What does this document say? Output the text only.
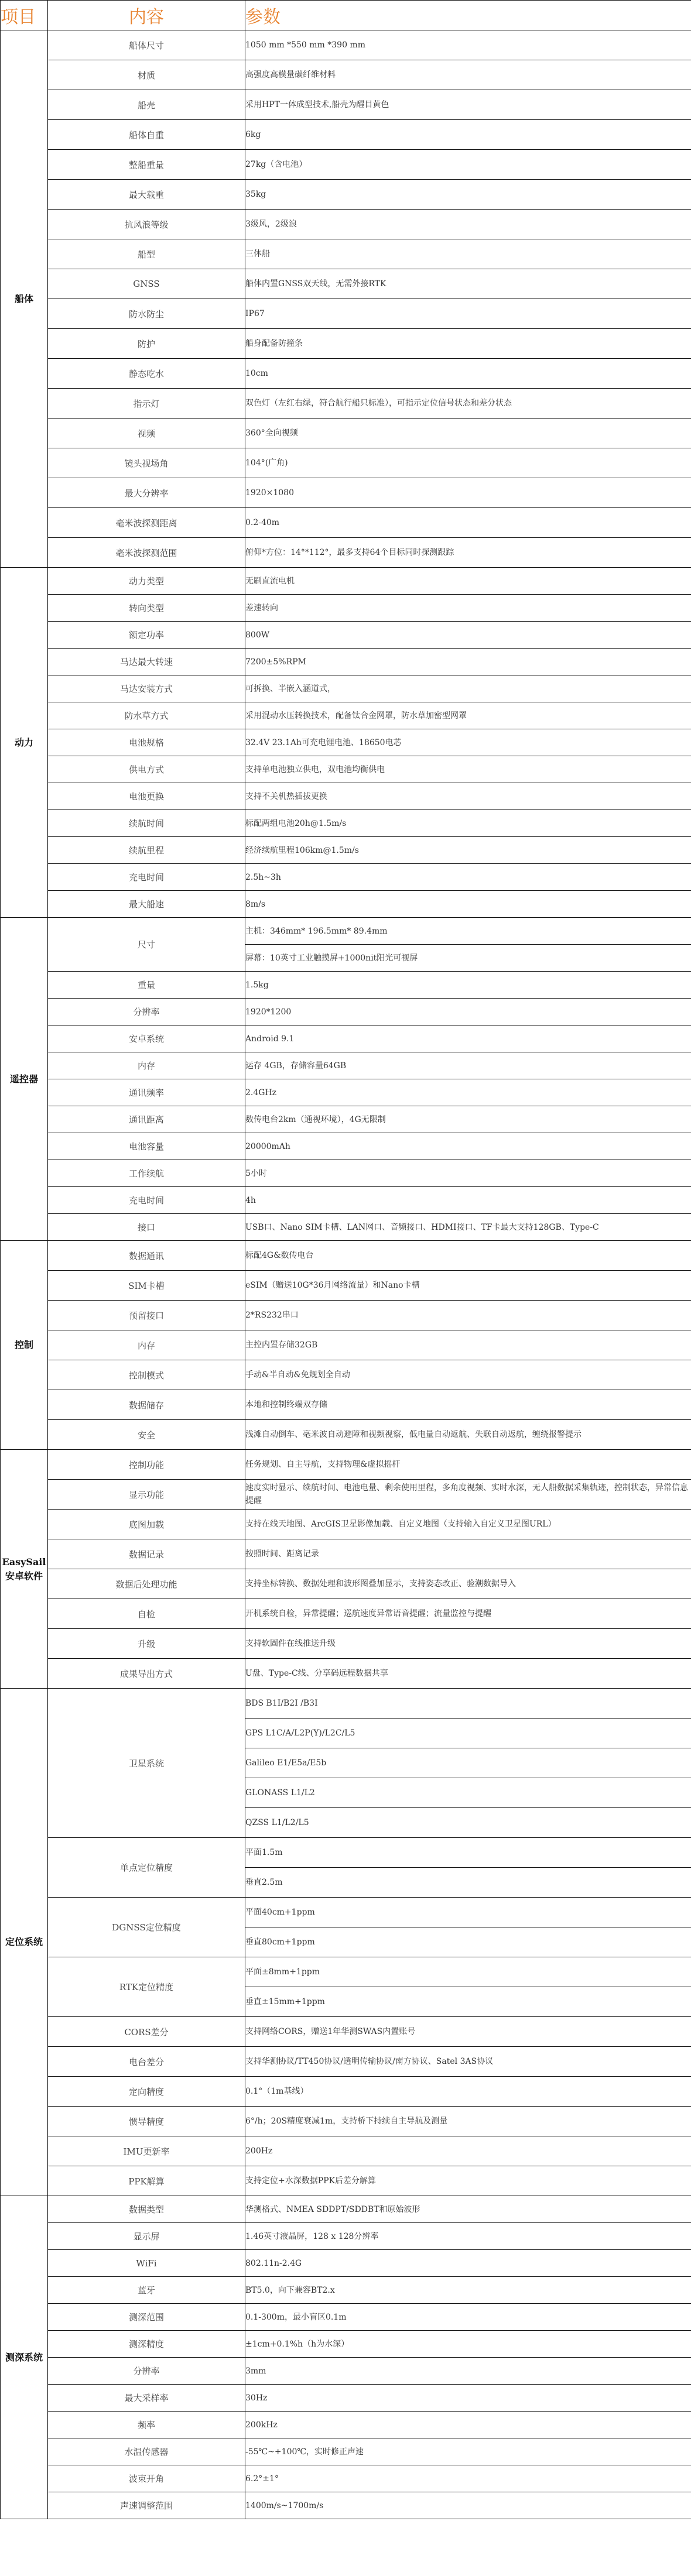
项目	内容	参数
船体	船体尺寸	1050 mm *550 mm *390 mm
	材质	高强度高模量碳纤维材料
	船壳	采用HPT一体成型技术,船壳为醒目黄色
	船体自重	6kg
	整船重量	27kg（含电池）
	最大载重	35kg
	抗风浪等级	3级风，2级浪
	船型	三体船
	GNSS	船体内置GNSS双天线，无需外接RTK
	防水防尘	IP67
	防护	船身配备防撞条
	静态吃水	10cm
	指示灯	双色灯（左红右绿，符合航行船只标准），可指示定位信号状态和差分状态
	视频	360°全向视频
	镜头视场角	104°(广角)
	最大分辨率	1920×1080
	毫米波探测距离	0.2-40m
	毫米波探测范围	俯仰*方位：14°*112°，最多支持64个目标同时探测跟踪
动力	动力类型	无刷直流电机
	转向类型	差速转向
	额定功率	800W
	马达最大转速	7200±5%RPM
	马达安装方式	可拆换、半嵌入涵道式，
	防水草方式	采用混动水压转换技术，配备钛合金网罩，防水草加密型网罩
	电池规格	32.4V 23.1Ah可充电锂电池、18650电芯
	供电方式	支持单电池独立供电，双电池均衡供电
	电池更换	支持不关机热插拔更换
	续航时间	标配两组电池20h@1.5m/s
	续航里程	经济续航里程106km@1.5m/s
	充电时间	2.5h~3h
	最大船速	8m/s
遥控器	尺寸	主机：346mm* 196.5mm* 89.4mm
		屏幕：10英寸工业触摸屏+1000nit阳光可视屏
	重量	1.5kg
	分辨率	1920*1200
	安卓系统	Android 9.1
	内存	运存 4GB，存储容量64GB
	通讯频率	2.4GHz
	通讯距离	数传电台2km（通视环境），4G无限制
	电池容量	20000mAh
	工作续航	5小时
	充电时间	4h
	接口	USB口、Nano SIM卡槽、LAN网口、音频接口、HDMI接口、TF卡最大支持128GB、Type-C
控制	数据通讯	标配4G&数传电台
	SIM卡槽	eSIM（赠送10G*36月网络流量）和Nano卡槽
	预留接口	2*RS232串口
	内存	主控内置存储32GB
	控制模式	手动&半自动&免规划全自动
	数据储存	本地和控制终端双存储
	安全	浅滩自动倒车、毫米波自动避障和视频视察，低电量自动返航、失联自动返航，缠绕报警提示
EasySail安卓软件	控制功能	任务规划、自主导航，支持物理&虚拟摇杆
	显示功能	速度实时显示、续航时间、电池电量、剩余使用里程，多角度视频、实时水深，无人船数据采集轨迹，控制状态，异常信息提醒
	底图加载	支持在线天地图、ArcGIS卫星影像加载、自定义地图（支持输入自定义卫星图URL）
	数据记录	按照时间、距离记录
	数据后处理功能	支持坐标转换、数据处理和波形图叠加显示，支持姿态改正、验潮数据导入
	自检	开机系统自检，异常提醒；巡航速度异常语音提醒；流量监控与提醒
	升级	支持软固件在线推送升级
	成果导出方式	U盘、Type-C线、分享码远程数据共享
定位系统	卫星系统	BDS B1I/B2I /B3I
		GPS L1C/A/L2P(Y)/L2C/L5
		Galileo E1/E5a/E5b
		GLONASS L1/L2
		QZSS L1/L2/L5
	单点定位精度	平面1.5m
		垂直2.5m
	DGNSS定位精度	平面40cm+1ppm
		垂直80cm+1ppm
	RTK定位精度	平面±8mm+1ppm
		垂直±15mm+1ppm
	CORS差分	支持网络CORS，赠送1年华测SWAS内置账号
	电台差分	支持华测协议/TT450协议/透明传输协议/南方协议、Satel 3AS协议
	定向精度	0.1°（1m基线）
	惯导精度	6°/h；20S精度衰减1m，支持桥下持续自主导航及测量
	IMU更新率	200Hz
	PPK解算	支持定位+水深数据PPK后差分解算
测深系统	数据类型	华测格式、NMEA SDDPT/SDDBT和原始波形
	显示屏	1.46英寸液晶屏，128 x 128分辨率
	WiFi	802.11n-2.4G
	蓝牙	BT5.0，向下兼容BT2.x
	测深范围	0.1-300m，最小盲区0.1m
	测深精度	±1cm+0.1%h（h为水深）
	分辨率	3mm
	最大采样率	30Hz
	频率	200kHz
	水温传感器	-55℃~+100℃，实时修正声速
	波束开角	6.2°±1°
	声速调整范围	1400m/s~1700m/s
